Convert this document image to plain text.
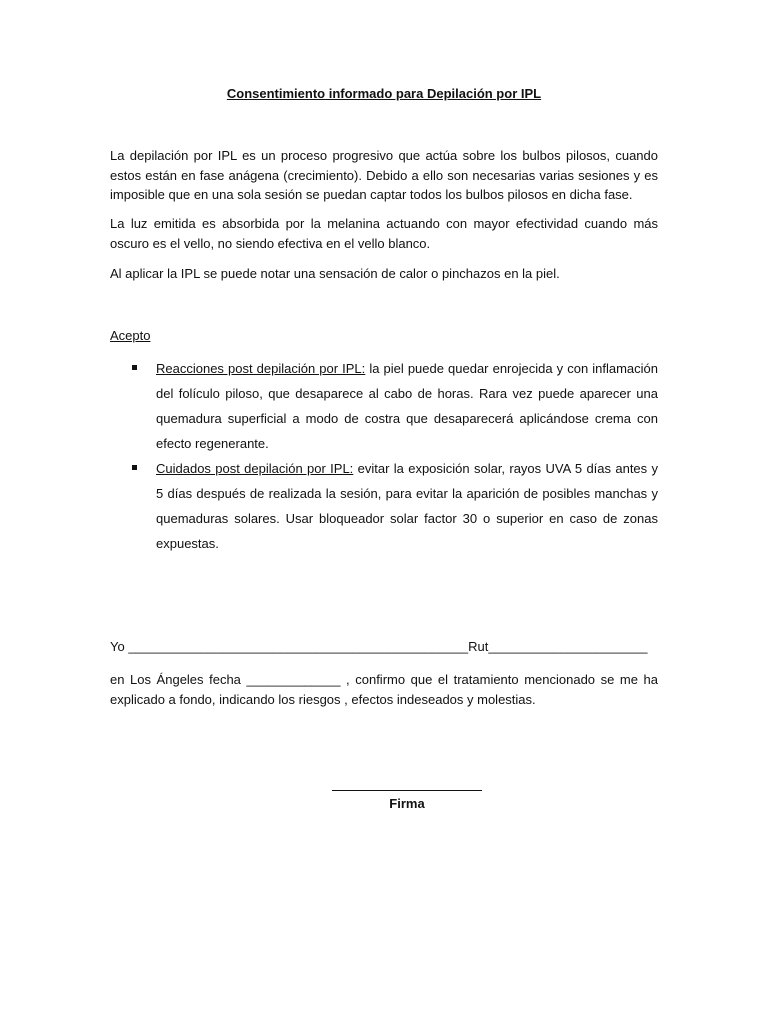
Consentimiento informado para Depilación por IPL
La depilación por IPL es un proceso progresivo que actúa sobre los bulbos pilosos, cuando estos están en fase anágena (crecimiento). Debido a ello son necesarias varias sesiones y es imposible que en una sola sesión se puedan captar todos los bulbos pilosos en dicha fase.
La luz emitida es absorbida por la melanina actuando con mayor efectividad cuando más oscuro es el vello, no siendo efectiva en el vello blanco.
Al aplicar la IPL se puede notar una sensación de calor o pinchazos en la piel.
Acepto
Reacciones post depilación por IPL: la piel puede quedar enrojecida y con inflamación del folículo piloso, que desaparece al cabo de horas. Rara vez puede aparecer una quemadura superficial a modo de costra que desaparecerá aplicándose crema con efecto regenerante.
Cuidados post depilación por IPL: evitar la exposición solar, rayos UVA 5 días antes y 5 días después de realizada la sesión, para evitar la aparición de posibles manchas y quemaduras solares. Usar bloqueador solar factor 30 o superior en caso de zonas expuestas.
Yo _______________________________________________Rut______________________
en Los Ángeles fecha _____________ , confirmo que el tratamiento mencionado se me ha explicado a fondo, indicando los riesgos , efectos indeseados y molestias.
Firma
